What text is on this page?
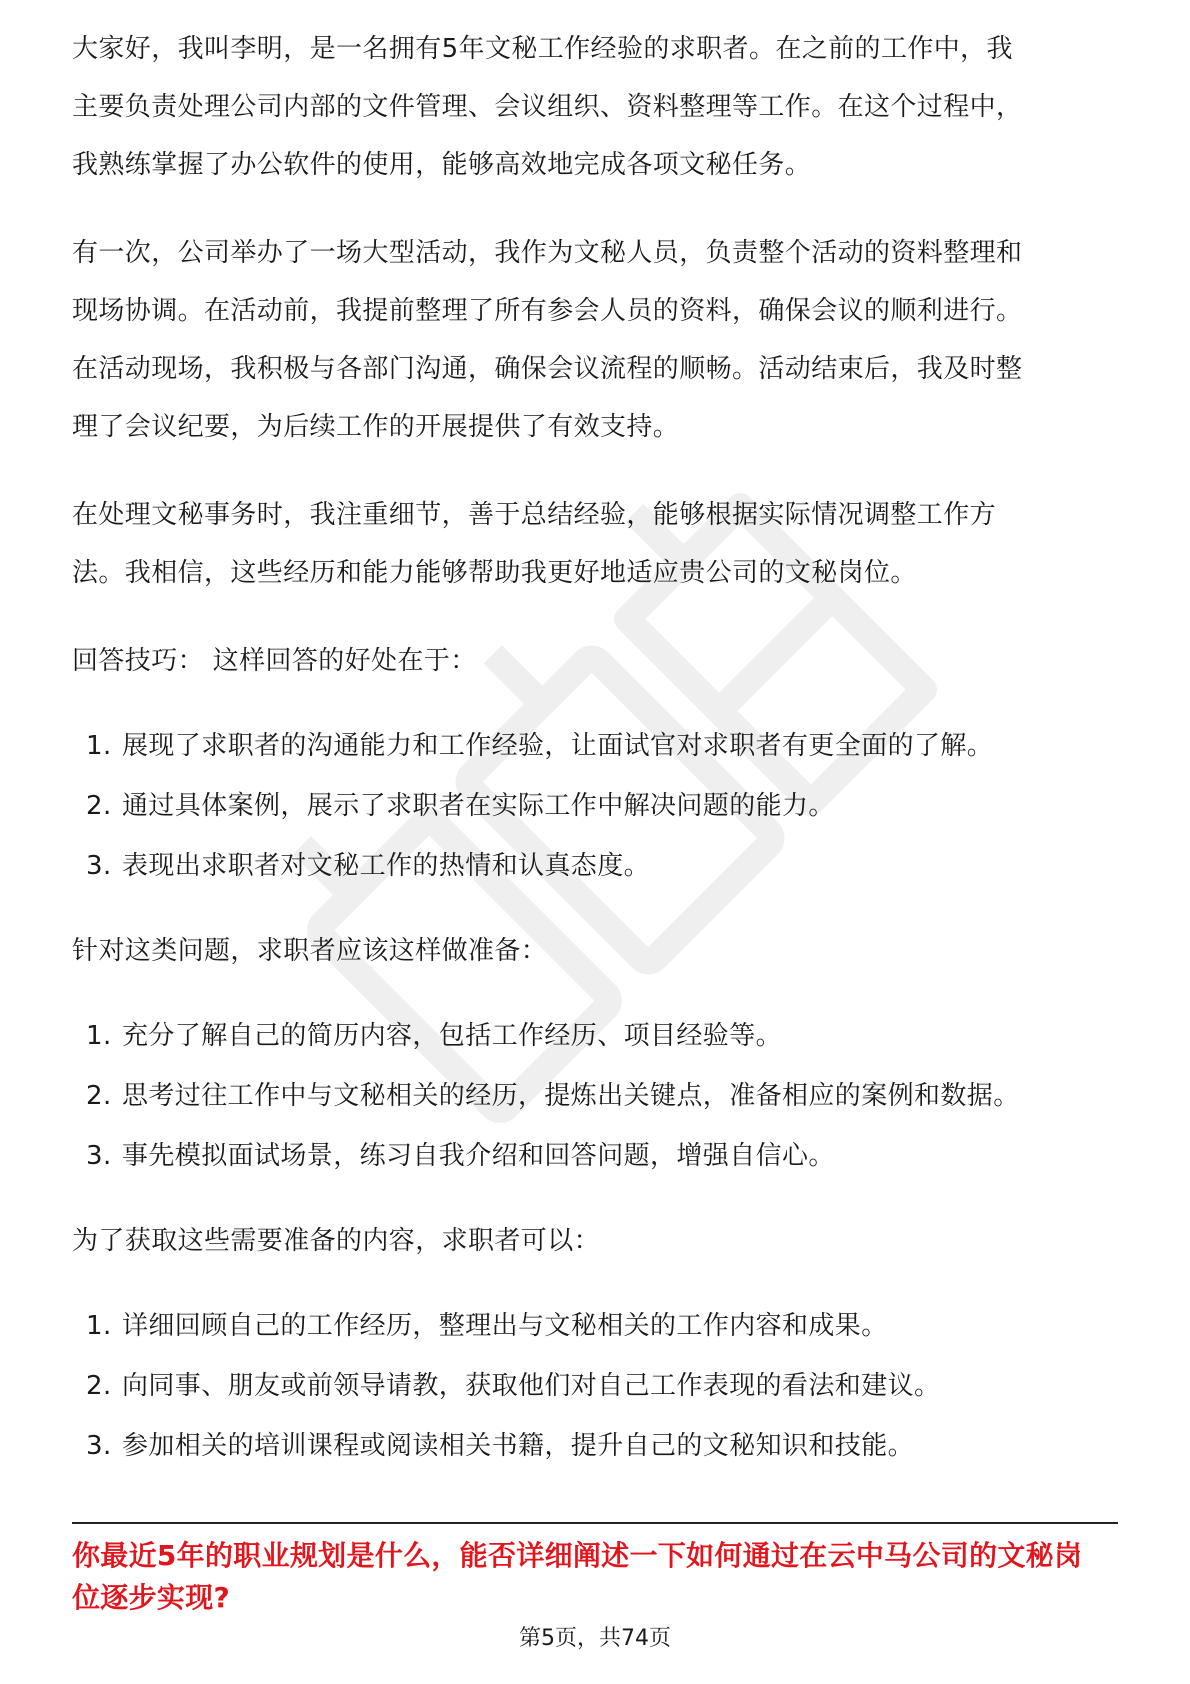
大家好，我叫李明，是一名拥有5年文秘工作经验的求职者。在之前的工作中，我
主要负责处理公司内部的文件管理、会议组织、资料整理等工作。在这个过程中，
我熟练掌握了办公软件的使用，能够高效地完成各项文秘任务。
有一次，公司举办了一场大型活动，我作为文秘人员，负责整个活动的资料整理和
现场协调。在活动前，我提前整理了所有参会人员的资料，确保会议的顺利进行。
在活动现场，我积极与各部门沟通，确保会议流程的顺畅。活动结束后，我及时整
理了会议纪要，为后续工作的开展提供了有效支持。
在处理文秘事务时，我注重细节，善于总结经验，能够根据实际情况调整工作方
法。我相信，这些经历和能力能够帮助我更好地适应贵公司的文秘岗位。
回答技巧： 这样回答的好处在于：
1. 展现了求职者的沟通能力和工作经验，让面试官对求职者有更全面的了解。
2. 通过具体案例，展示了求职者在实际工作中解决问题的能力。
3. 表现出求职者对文秘工作的热情和认真态度。
针对这类问题，求职者应该这样做准备：
1. 充分了解自己的简历内容，包括工作经历、项目经验等。
2. 思考过往工作中与文秘相关的经历，提炼出关键点，准备相应的案例和数据。
3. 事先模拟面试场景，练习自我介绍和回答问题，增强自信心。
为了获取这些需要准备的内容，求职者可以：
1. 详细回顾自己的工作经历，整理出与文秘相关的工作内容和成果。
2. 向同事、朋友或前领导请教，获取他们对自己工作表现的看法和建议。
3. 参加相关的培训课程或阅读相关书籍，提升自己的文秘知识和技能。
你最近5年的职业规划是什么，能否详细阐述一下如何通过在云中马公司的文秘岗
位逐步实现?
第5页，共74页
